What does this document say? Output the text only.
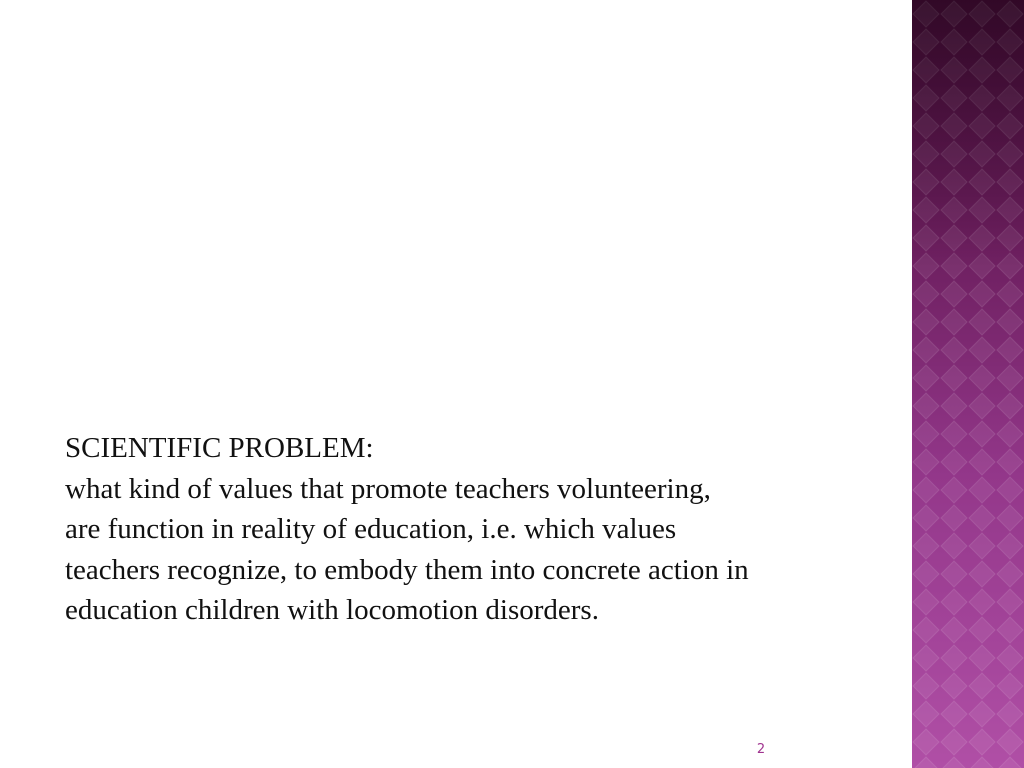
SCIENTIFIC PROBLEM:
what kind of values that promote teachers volunteering,
are function in reality of education, i.e. which values
teachers recognize, to embody them into concrete action in
education children with locomotion disorders.
2
